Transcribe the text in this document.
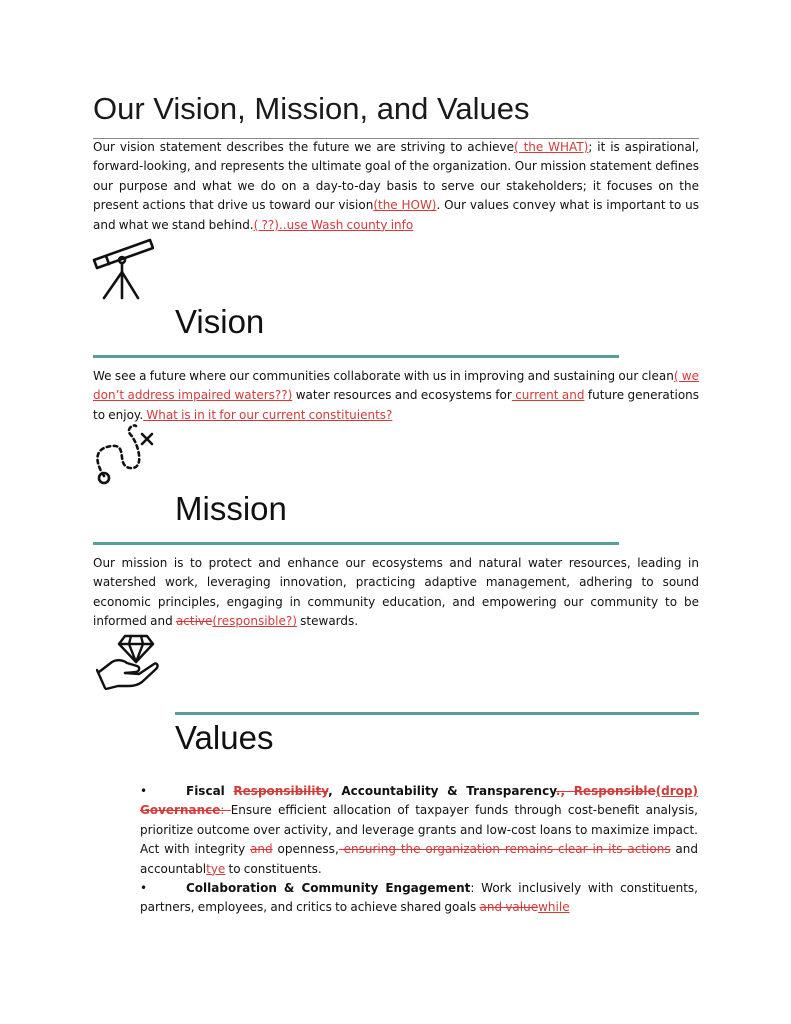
Our Vision, Mission, and Values

Our vision statement describes the future we are striving to achieve( the WHAT); it is aspirational, forward-looking, and represents the ultimate goal of the organization. Our mission statement defines our purpose and what we do on a day-to-day basis to serve our stakeholders; it focuses on the present actions that drive us toward our vision(the HOW). Our values convey what is important to us and what we stand behind.( ??)..use Wash county info

Vision

We see a future where our communities collaborate with us in improving and sustaining our clean( we don’t address impaired waters??) water resources and ecosystems for current and future generations to enjoy. What is in it for our current constituients?

Mission

Our mission is to protect and enhance our ecosystems and natural water resources, leading in watershed work, leveraging innovation, practicing adaptive management, adhering to sound economic principles, engaging in community education, and empowering our community to be informed and active(responsible?) stewards.

Values
•	Fiscal Responsibility, Accountability & Transparency., Responsible(drop) Governance: Ensure efficient allocation of taxpayer funds through cost-benefit analysis, prioritize outcome over activity, and leverage grants and low-cost loans to maximize impact. Act with integrity and openness, ensuring the organization remains clear in its actions and accountabltye to constituents.
•	Collaboration & Community Engagement: Work inclusively with constituents, partners, employees, and critics to achieve shared goals and valuewhile
